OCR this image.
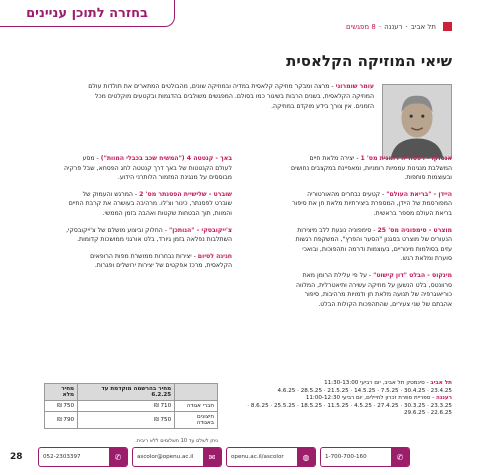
בחזרה לתוכן עניינים
תל אביב
·
רעננה
·
8 מפגשים
שיאי המוזיקה הקלאסית

עומר שומרוני - מרצה ומבקר מוזיקה קלאסית במדיה ובמוזיקה שונים, מהבולטים המתארים את תולדות עולם המוזיקה הקלאסית, בשנים הרבות בשיגור כמו בסולם. המפגשים משולבים בהדגמות ובקטעים מוקלטים מכל הזמנים. אין צורך בידע מוקדם במוזיקה.

אנטוקו - רפסודיה רומנית מס' 1 - יצירה מלאת חיים המשלבת מנגינות עממיות רומניות, ומאפיינת במקצבים נחושים ובעוצמות סוחפות.

היידן - "בריאת העולם" - קטעים נבחרים מהאורטוריה המפורסמת של היידן, המספרת ביצירתיות מלאת חן את סיפור בריאת העולם מספר בראשית.

מוצרט - סימפוניה מס' 25 - סימפוניה נוגעת ללב מיצירות הנעורים של מוצרט בסגנון "הסער והפרץ", המשקפת רגשות עזים בסולמות מינוריים, בעוצמות ודרמה ותהפוכות, ובואכי סוערת ומלאת רגש.

מינקוס - הבלט "דון קישוט" - על פי עלילת הרומן מאת סרוונטס, בלט הנשען על מוזיקה עשירה ותיאטרלית, המלווה כוריאוגרפיה של תנועה מלאת חן ודמויות מרהיבות, סיפור אהבתם של שני צעירים, שהתהפכות הקולות הבלט.

באך - קנטטה 4 ("המשיח שכב בכבלי המוות") - מסע לעולם הקנטטות של באך דרך קנטטה לחג הפסחא, שבל פרקיה מבוססים על מנגינת המזמור הלותרני הידוע.

שוברט - שלישיית הפסנתר מס' 2 - המרגש והעמוק של שוברט לפסנתר, כינור וצ'לו. מרהיבה בעושרה את קרבת החיים והמוות, תוך הבטחות שקטות ואהבה בזמן הממשי.

צ'ייקובסקי - "הנותכן" - החלוק וביצוע מושלם של צ'ייקובסקי, השתלבות נפלאה בזמן גיורד, בלט אורגני ממושכות קדומות.

חגיגה לסיום - יצירות נבחרות ממושרת מפות הרופאים הקלאסית, מרכז אפקטים של יצירות ירושלים ופגרות.

תל אביב - סינמטק תל אביב, יום רביעי 11:30-13:00
23.4.25 · 30.4.25 · 7.5.25 · 14.5.25 · 21.5.25 · 28.5.25 · 4.6.25
רעננה - ספריית ספרת זכרון לחיילים, יום רביעי 11:00-12:30
23.3.25 · 30.3.25 · 27.4.25 · 4.5.25 · 11.5.25 · 18.5.25 · 25.5.25 · 8.6.25 · 22.6.25 · 29.6.25
	מחיר בהרשמה מוקדמת עד 6.2.25	מחיר מלא
חברי אגודה	710 ₪	750 ₪
חיצונים באגודה	750 ₪	790 ₪
ניתן לשלם עד 10 תשלומים ללא ריבית.
✆
052-2303397	✉
ascolor@openu.ac.il	◍
openu.ac.il/ascolor	✆
1-700-700-160
28
